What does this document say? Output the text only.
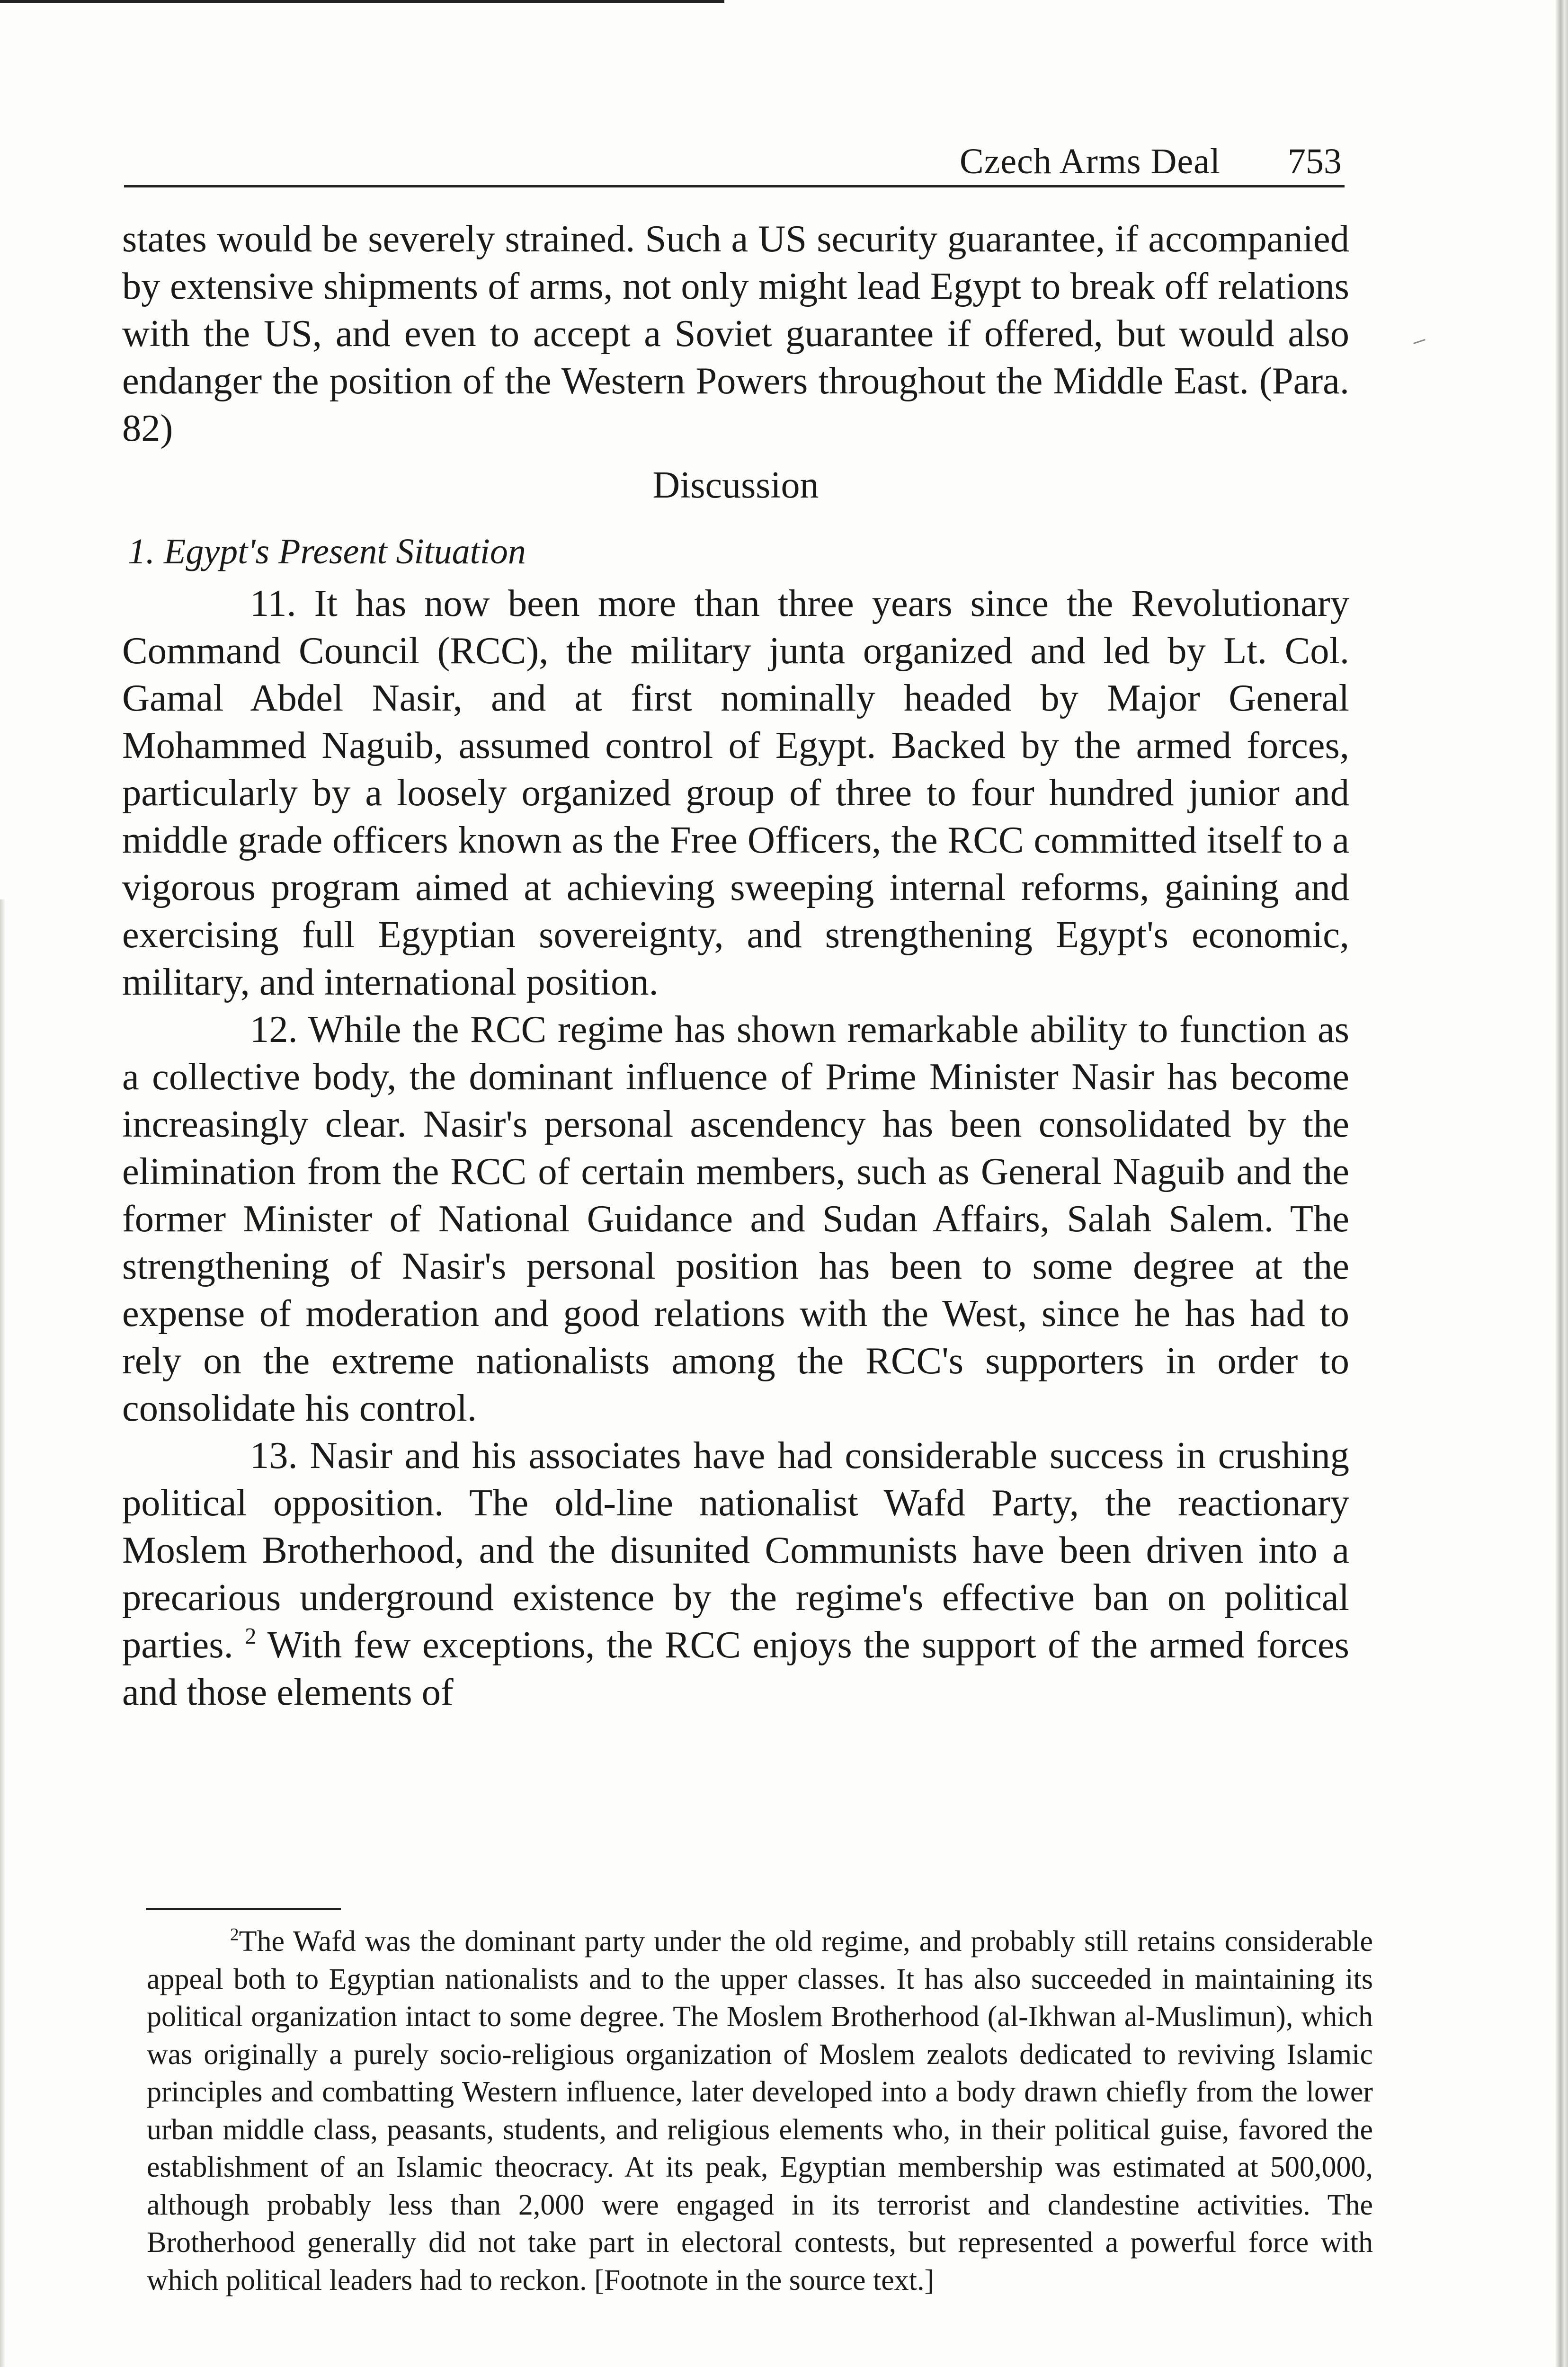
Czech Arms Deal 753

states would be severely strained. Such a US security guarantee, if accompanied by extensive shipments of arms, not only might lead Egypt to break off relations with the US, and even to accept a Soviet guarantee if offered, but would also endanger the position of the Western Powers throughout the Middle East. (Para. 82)

Discussion

1. Egypt's Present Situation

11. It has now been more than three years since the Revolutionary Command Council (RCC), the military junta organized and led by Lt. Col. Gamal Abdel Nasir, and at first nominally headed by Major General Mohammed Naguib, assumed control of Egypt. Backed by the armed forces, particularly by a loosely organized group of three to four hundred junior and middle grade officers known as the Free Officers, the RCC committed itself to a vigorous program aimed at achieving sweeping internal reforms, gaining and exercising full Egyptian sovereignty, and strengthening Egypt's economic, military, and international position.

12. While the RCC regime has shown remarkable ability to function as a collective body, the dominant influence of Prime Minister Nasir has become increasingly clear. Nasir's personal ascendency has been consolidated by the elimination from the RCC of certain members, such as General Naguib and the former Minister of National Guidance and Sudan Affairs, Salah Salem. The strengthening of Nasir's personal position has been to some degree at the expense of moderation and good relations with the West, since he has had to rely on the extreme nationalists among the RCC's supporters in order to consolidate his control.

13. Nasir and his associates have had considerable success in crushing political opposition. The old-line nationalist Wafd Party, the reactionary Moslem Brotherhood, and the disunited Communists have been driven into a precarious underground existence by the regime's effective ban on political parties. $^2$ With few exceptions, the RCC enjoys the support of the armed forces and those elements of

$^2$The Wafd was the dominant party under the old regime, and probably still retains considerable appeal both to Egyptian nationalists and to the upper classes. It has also succeeded in maintaining its political organization intact to some degree. The Moslem Brotherhood (al-Ikhwan al-Muslimun), which was originally a purely socio-religious organization of Moslem zealots dedicated to reviving Islamic principles and combatting Western influence, later developed into a body drawn chiefly from the lower urban middle class, peasants, students, and religious elements who, in their political guise, favored the establishment of an Islamic theocracy. At its peak, Egyptian membership was estimated at 500,000, although probably less than 2,000 were engaged in its terrorist and clandestine activities. The Brotherhood generally did not take part in electoral contests, but represented a powerful force with which political leaders had to reckon. [Footnote in the source text.]
